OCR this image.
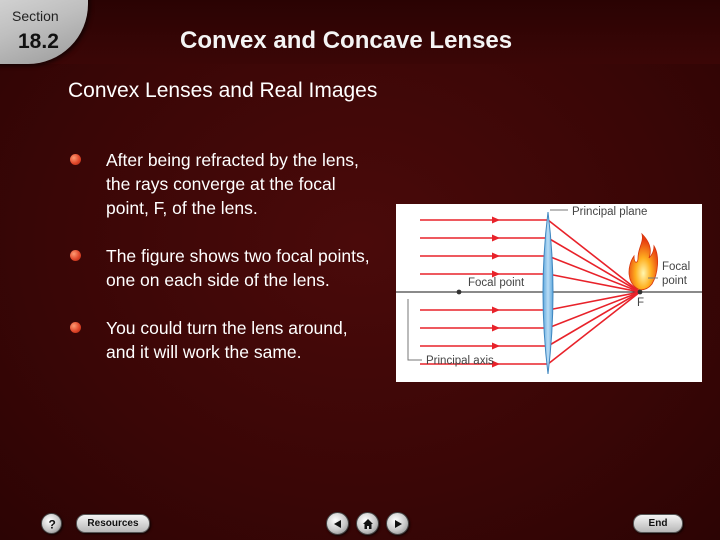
Section
18.2	Convex and Concave Lenses
Convex Lenses and Real Images
After being refracted by the lens, the rays converge at the focal point, F, of the lens.
The figure shows two focal points, one on each side of the lens.
You could turn the lens around, and it will work the same.
Principal plane
Focal point
Focal
point
F
Principal axis
?	Resources	End
